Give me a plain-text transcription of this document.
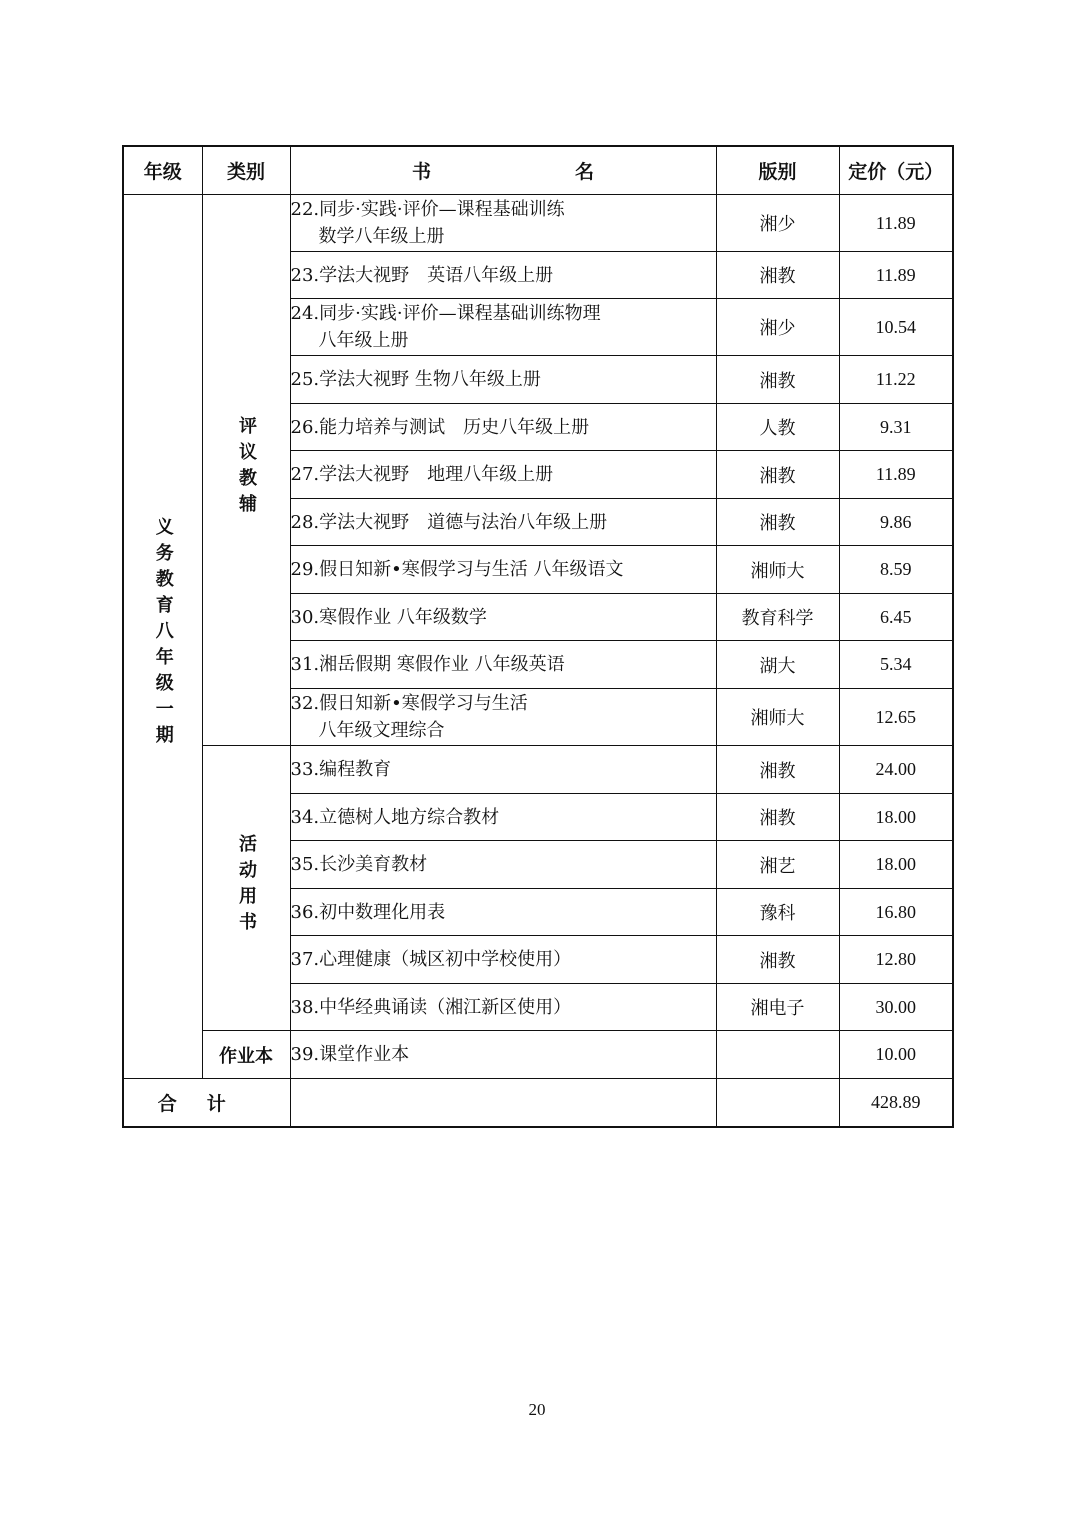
年级	类别	书 名	版别	定价（元）
义务教育八年级一期	评议教辅	22.同步·实践·评价—课程基础训练
数学八年级上册	湘少	11.89
		23.学法大视野　英语八年级上册	湘教	11.89
		24.同步·实践·评价—课程基础训练物理
八年级上册	湘少	10.54
		25.学法大视野 生物八年级上册	湘教	11.22
		26.能力培养与测试　历史八年级上册	人教	9.31
		27.学法大视野　地理八年级上册	湘教	11.89
		28.学法大视野　道德与法治八年级上册	湘教	9.86
		29.假日知新•寒假学习与生活 八年级语文	湘师大	8.59
		30.寒假作业 八年级数学	教育科学	6.45
		31.湘岳假期 寒假作业 八年级英语	湖大	5.34
		32.假日知新•寒假学习与生活
八年级文理综合	湘师大	12.65
	活动用书	33.编程教育	湘教	24.00
		34.立德树人地方综合教材	湘教	18.00
		35.长沙美育教材	湘艺	18.00
		36.初中数理化用表	豫科	16.80
		37.心理健康（城区初中学校使用）	湘教	12.80
		38.中华经典诵读（湘江新区使用）	湘电子	30.00
	作业本	39.课堂作业本		10.00
合计				428.89
20
